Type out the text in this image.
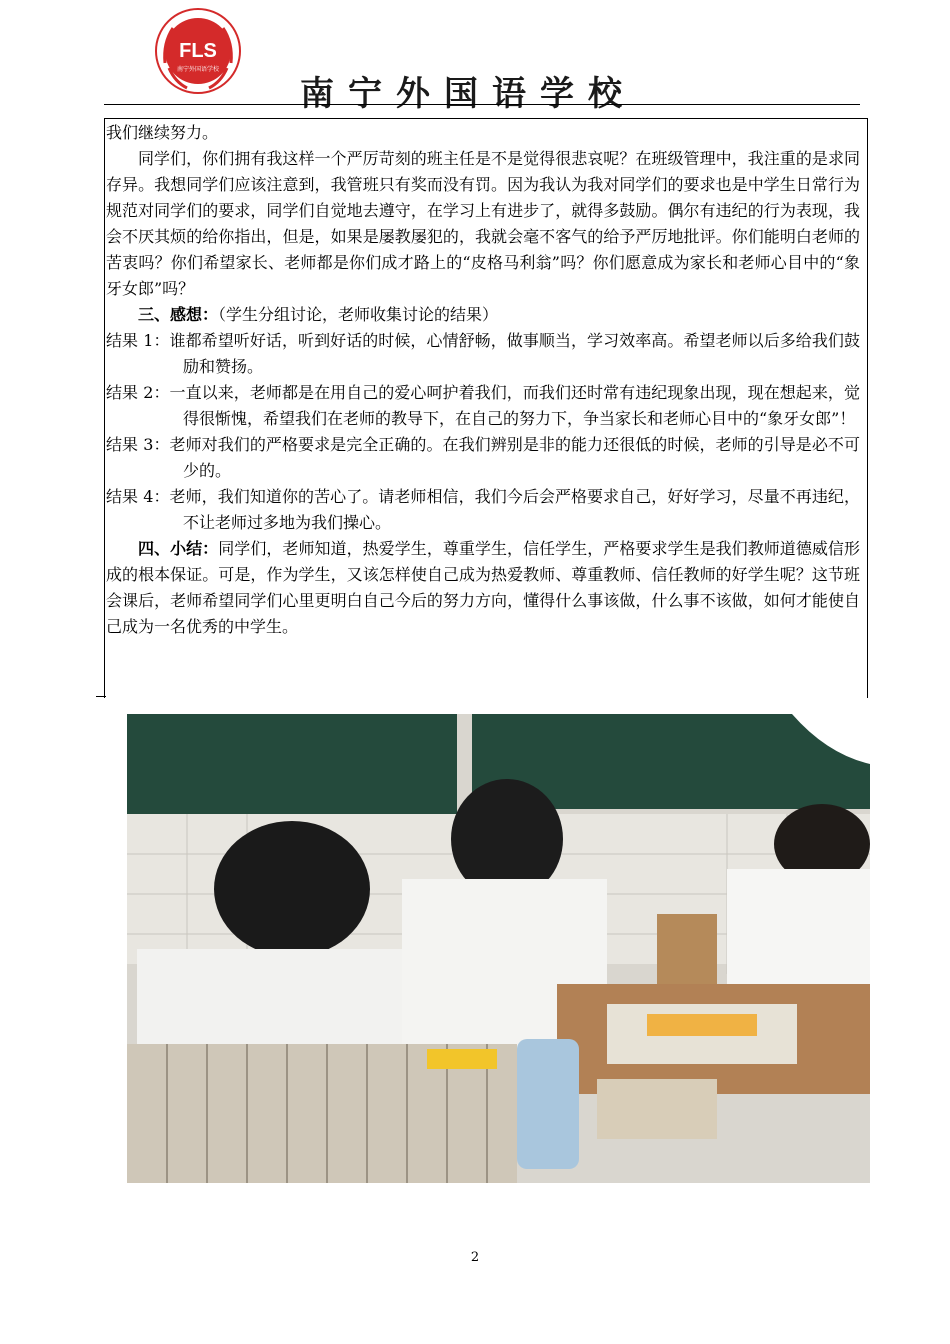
FLS
南宁外国语学校
南宁外国语学校

我们继续努力。

同学们，你们拥有我这样一个严厉苛刻的班主任是不是觉得很悲哀呢？在班级管理中，我注重的是求同存异。我想同学们应该注意到，我管班只有奖而没有罚。因为我认为我对同学们的要求也是中学生日常行为规范对同学们的要求，同学们自觉地去遵守，在学习上有进步了，就得多鼓励。偶尔有违纪的行为表现，我会不厌其烦的给你指出，但是，如果是屡教屡犯的，我就会毫不客气的给予严厉地批评。你们能明白老师的苦衷吗？你们希望家长、老师都是你们成才路上的“皮格马利翁”吗？你们愿意成为家长和老师心目中的“象牙女郎”吗？

三、感想：（学生分组讨论，老师收集讨论的结果）

结果 1：谁都希望听好话，听到好话的时候，心情舒畅，做事顺当，学习效率高。希望老师以后多给我们鼓励和赞扬。

结果 2：一直以来，老师都是在用自己的爱心呵护着我们，而我们还时常有违纪现象出现，现在想起来，觉得很惭愧，希望我们在老师的教导下，在自己的努力下，争当家长和老师心目中的“象牙女郎”！

结果 3：老师对我们的严格要求是完全正确的。在我们辨别是非的能力还很低的时候，老师的引导是必不可少的。

结果 4：老师，我们知道你的苦心了。请老师相信，我们今后会严格要求自己，好好学习，尽量不再违纪，不让老师过多地为我们操心。

四、小结：同学们，老师知道，热爱学生，尊重学生，信任学生，严格要求学生是我们教师道德威信形成的根本保证。可是，作为学生，又该怎样使自己成为热爱教师、尊重教师、信任教师的好学生呢？这节班会课后，老师希望同学们心里更明白自己今后的努力方向，懂得什么事该做，什么事不该做，如何才能使自己成为一名优秀的中学生。

2
